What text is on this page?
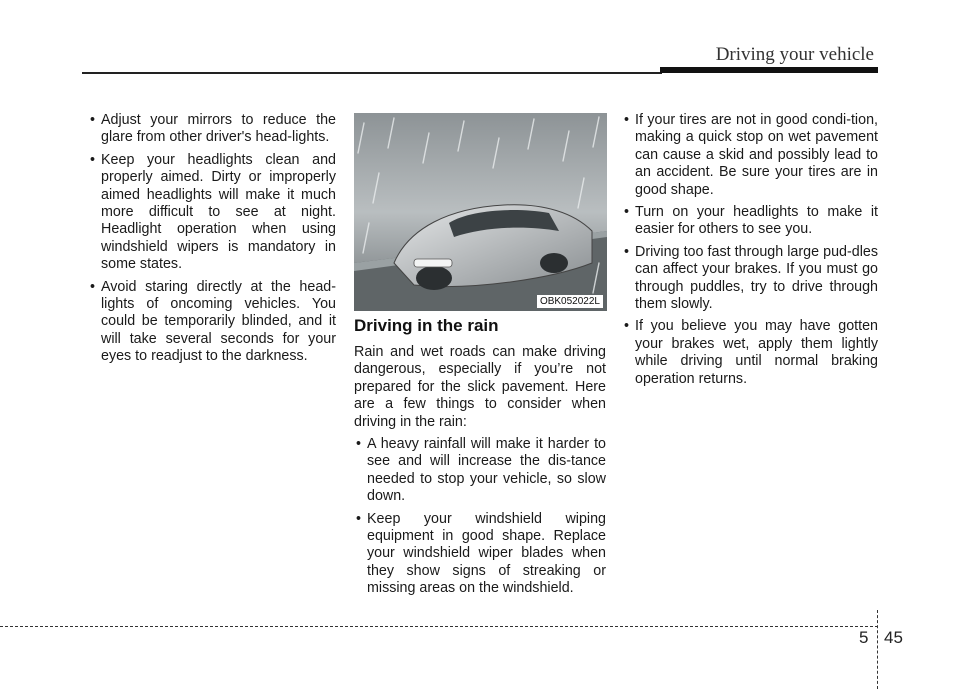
Driving your vehicle
• Adjust your mirrors to reduce the glare from other driver's head-lights.
• Keep your headlights clean and properly aimed. Dirty or improperly aimed headlights will make it much more difficult to see at night. Headlight operation when using windshield wipers is mandatory in some states.
• Avoid staring directly at the head-lights of oncoming vehicles. You could be temporarily blinded, and it will take several seconds for your eyes to readjust to the darkness.
OBK052022L
Driving in the rain

Rain and wet roads can make driving dangerous, especially if you’re not prepared for the slick pavement. Here are a few things to consider when driving in the rain:

• A heavy rainfall will make it harder to see and will increase the dis-tance needed to stop your vehicle, so slow down.
• Keep your windshield wiping equipment in good shape. Replace your windshield wiper blades when they show signs of streaking or missing areas on the windshield.
• If your tires are not in good condi-tion, making a quick stop on wet pavement can cause a skid and possibly lead to an accident. Be sure your tires are in good shape.
• Turn on your headlights to make it easier for others to see you.
• Driving too fast through large pud-dles can affect your brakes. If you must go through puddles, try to drive through them slowly.
• If you believe you may have gotten your brakes wet, apply them lightly while driving until normal braking operation returns.
5 45
